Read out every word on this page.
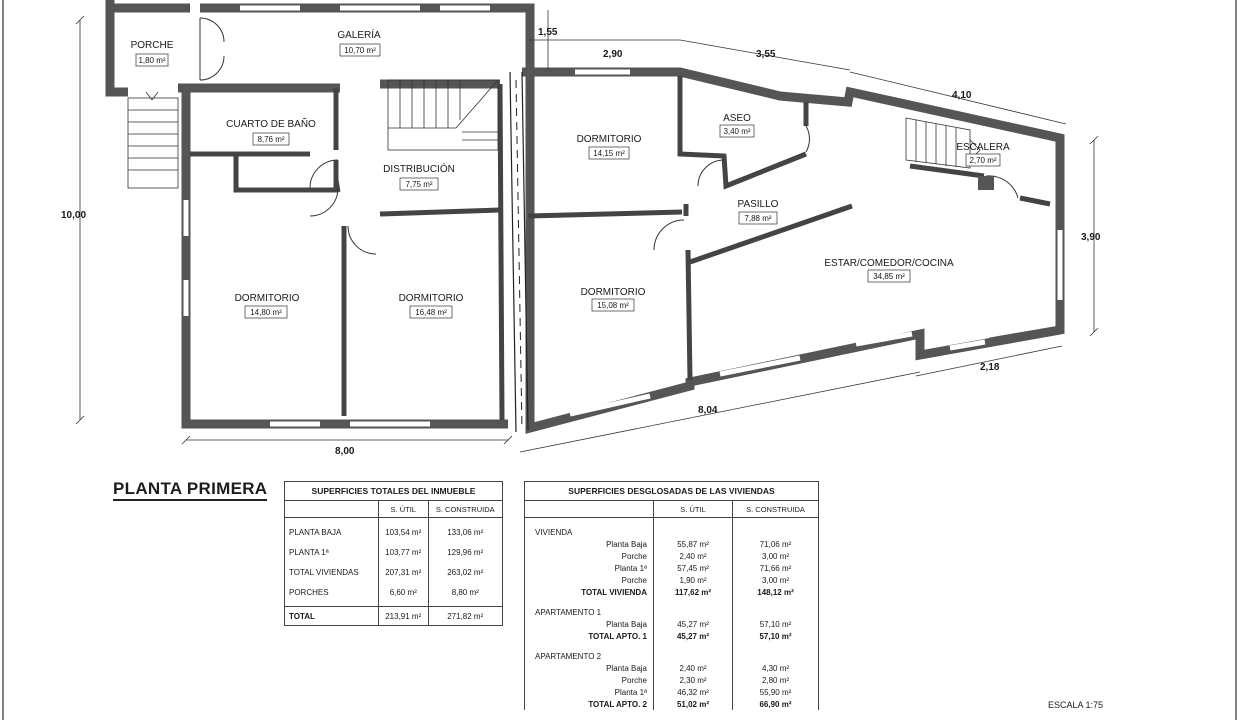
PORCHE
1,80 m²
GALERÍA
10,70 m²
CUARTO DE BAÑO
8,76 m²
DISTRIBUCIÓN
7,75 m²
DORMITORIO
14,80 m²
DORMITORIO
16,48 m²
DORMITORIO
14,15 m²
ASEO
3,40 m²
ESCALERA
2,70 m²
PASILLO
7,88 m²
DORMITORIO
15,08 m²
ESTAR/COMEDOR/COCINA
34,85 m²
1,55
2,90	3,55
4,10
10,00
3,90
2,18
8,00
8,04
ESCALA 1:75
PLANTA PRIMERA	SUPERFICIES TOTALES DEL INMUEBLE		
	S. ÚTIL	S. CONSTRUIDA

PLANTA BAJA	103,54 m²	133,06 m²

PLANTA 1ª	103,77 m²	129,96 m²

TOTAL VIVIENDAS	207,31 m²	263,02 m²

PORCHES	6,60 m²	8,80 m²

TOTAL	213,91 m²	271,82 m²
SUPERFICIES DESGLOSADAS DE LAS VIVIENDAS		
	S. ÚTIL	S. CONSTRUIDA

VIVIENDA		
Planta Baja	55,87 m²	71,06 m²
Porche	2,40 m²	3,00 m²
Planta 1ª	57,45 m²	71,66 m²
Porche	1,90 m²	3,00 m²
TOTAL VIVIENDA	117,62 m²	148,12 m²

APARTAMENTO 1		
Planta Baja	45,27 m²	57,10 m²
TOTAL APTO. 1	45,27 m²	57,10 m²

APARTAMENTO 2		
Planta Baja	2,40 m²	4,30 m²
Porche	2,30 m²	2,80 m²
Planta 1ª	46,32 m²	55,90 m²
TOTAL APTO. 2	51,02 m²	66,90 m²
